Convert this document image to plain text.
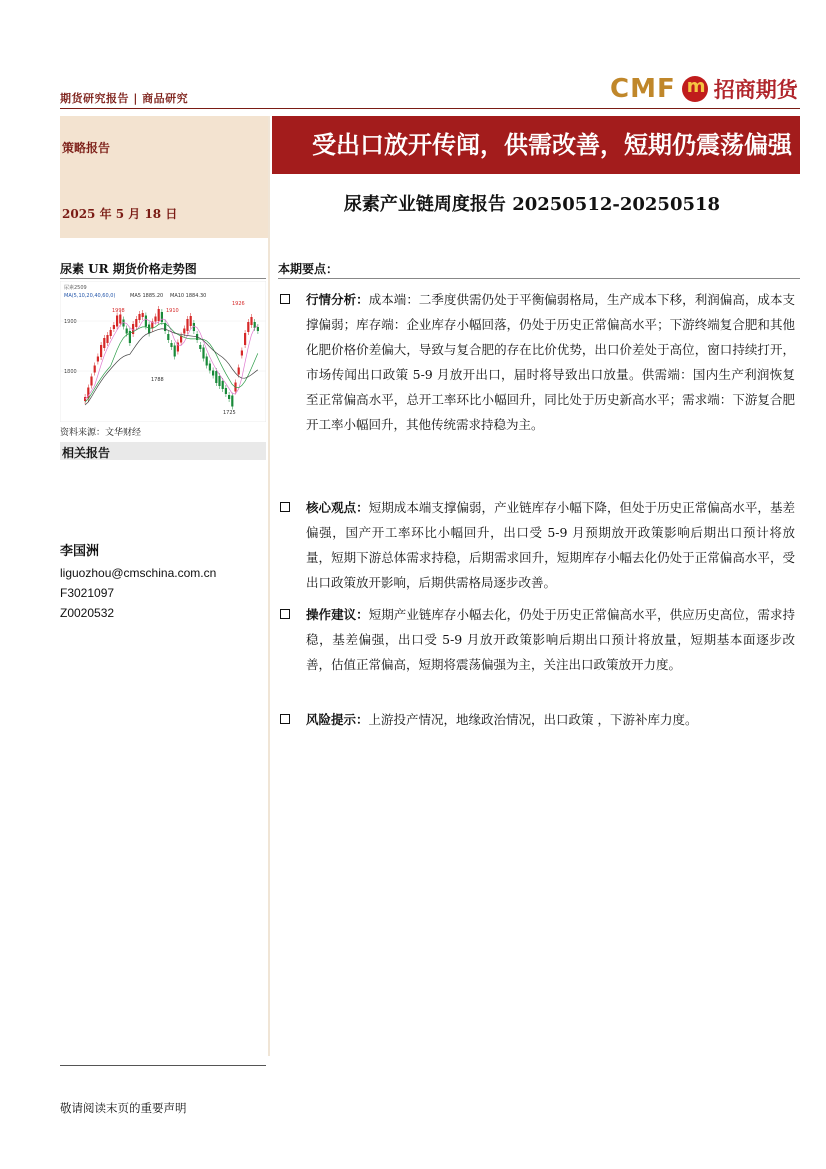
期货研究报告 | 商品研究	CMF
m 招商期货
策略报告
2025 年 5 月 18 日
受出口放开传闻，供需改善，短期仍震荡偏强
尿素产业链周度报告 20250512-20250518
尿素 UR 期货价格走势图
尿素2509
MA(5,10,20,40,60,0)	MA5 1885.20 MA10 1884.30
1900
1800
1998	1910
1788
1725
1926
资料来源：文华财经
相关报告
李国洲
liguozhou@cmschina.com.cn
F3021097
Z0020532
本期要点：
行情分析：成本端：二季度供需仍处于平衡偏弱格局，生产成本下移，利润偏高，成本支撑偏弱；库存端：企业库存小幅回落，仍处于历史正常偏高水平；下游终端复合肥和其他化肥价格价差偏大，导致与复合肥的存在比价优势，出口价差处于高位，窗口持续打开，市场传闻出口政策 5-9 月放开出口，届时将导致出口放量。供需端：国内生产利润恢复至正常偏高水平，总开工率环比小幅回升，同比处于历史新高水平；需求端：下游复合肥开工率小幅回升，其他传统需求持稳为主。
核心观点：短期成本端支撑偏弱，产业链库存小幅下降，但处于历史正常偏高水平，基差偏强，国产开工率环比小幅回升，出口受 5-9 月预期放开政策影响后期出口预计将放量，短期下游总体需求持稳，后期需求回升，短期库存小幅去化仍处于正常偏高水平，受出口政策放开影响，后期供需格局逐步改善。
操作建议：短期产业链库存小幅去化，仍处于历史正常偏高水平，供应历史高位，需求持稳，基差偏强，出口受 5-9 月放开政策影响后期出口预计将放量，短期基本面逐步改善，估值正常偏高，短期将震荡偏强为主，关注出口政策放开力度。
风险提示：上游投产情况，地缘政治情况，出口政策 ，下游补库力度。
敬请阅读末页的重要声明
